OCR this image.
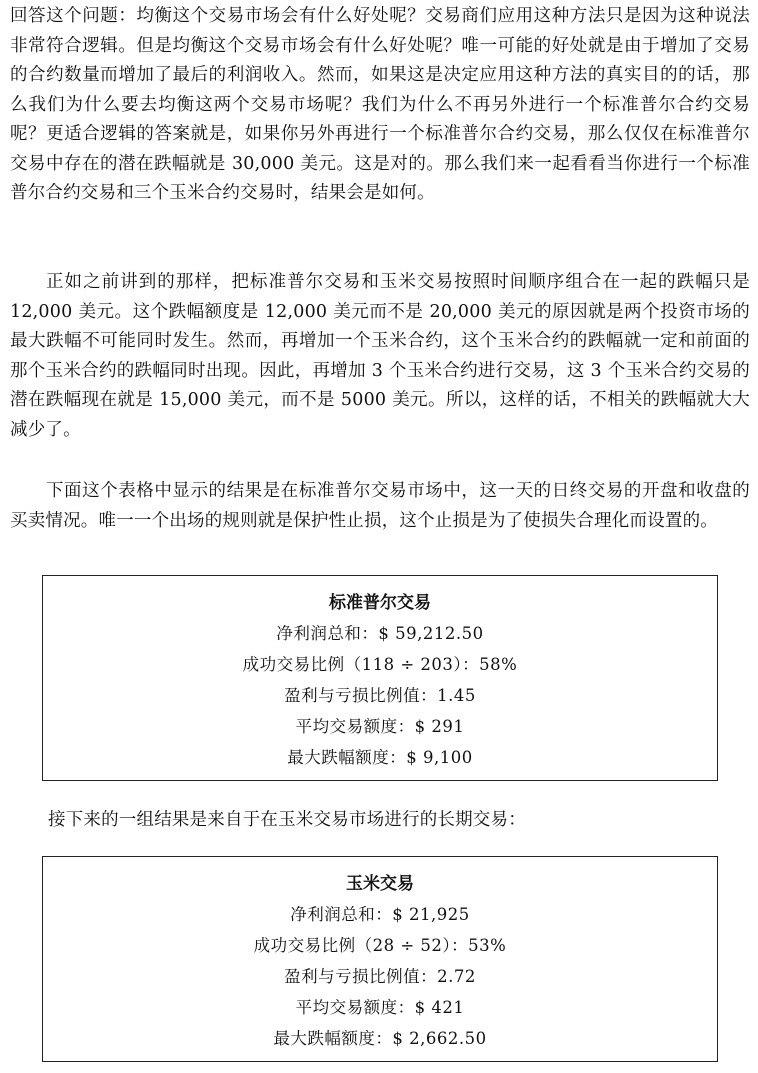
回答这个问题：均衡这个交易市场会有什么好处呢？交易商们应用这种方法只是因为这种说法非常符合逻辑。但是均衡这个交易市场会有什么好处呢？唯一可能的好处就是由于增加了交易的合约数量而增加了最后的利润收入。然而，如果这是决定应用这种方法的真实目的的话，那么我们为什么要去均衡这两个交易市场呢？我们为什么不再另外进行一个标准普尔合约交易呢？更适合逻辑的答案就是，如果你另外再进行一个标准普尔合约交易，那么仅仅在标准普尔交易中存在的潜在跌幅就是 30,000 美元。这是对的。那么我们来一起看看当你进行一个标准普尔合约交易和三个玉米合约交易时，结果会是如何。

正如之前讲到的那样，把标准普尔交易和玉米交易按照时间顺序组合在一起的跌幅只是 12,000 美元。这个跌幅额度是 12,000 美元而不是 20,000 美元的原因就是两个投资市场的最大跌幅不可能同时发生。然而，再增加一个玉米合约，这个玉米合约的跌幅就一定和前面的那个玉米合约的跌幅同时出现。因此，再增加 3 个玉米合约进行交易，这 3 个玉米合约交易的潜在跌幅现在就是 15,000 美元，而不是 5000 美元。所以，这样的话，不相关的跌幅就大大减少了。

下面这个表格中显示的结果是在标准普尔交易市场中，这一天的日终交易的开盘和收盘的买卖情况。唯一一个出场的规则就是保护性止损，这个止损是为了使损失合理化而设置的。

标准普尔交易
净利润总和：$ 59,212.50
成功交易比例（118 ÷ 203）：58%
盈利与亏损比例值：1.45
平均交易额度：$ 291
最大跌幅额度：$ 9,100

接下来的一组结果是来自于在玉米交易市场进行的长期交易：

玉米交易
净利润总和：$ 21,925
成功交易比例（28 ÷ 52）：53%
盈利与亏损比例值：2.72
平均交易额度：$ 421
最大跌幅额度：$ 2,662.50
